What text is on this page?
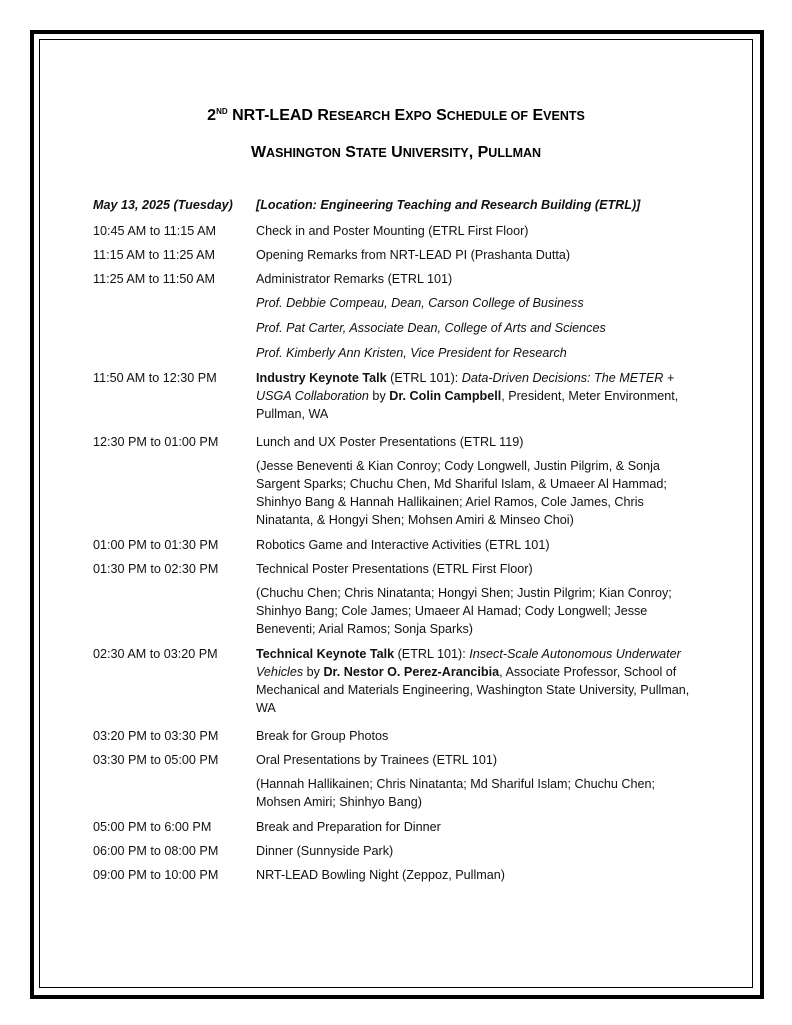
2ND NRT-LEAD RESEARCH EXPO SCHEDULE OF EVENTS
WASHINGTON STATE UNIVERSITY, PULLMAN
May 13, 2025 (Tuesday)	[Location: Engineering Teaching and Research Building (ETRL)]
10:45 AM to 11:15 AM	Check in and Poster Mounting (ETRL First Floor)
11:15 AM to 11:25 AM	Opening Remarks from NRT-LEAD PI (Prashanta Dutta)
11:25 AM to 11:50 AM	Administrator Remarks (ETRL 101)
Prof. Debbie Compeau, Dean, Carson College of Business
Prof. Pat Carter, Associate Dean, College of Arts and Sciences
Prof. Kimberly Ann Kristen, Vice President for Research
11:50 AM to 12:30 PM	Industry Keynote Talk (ETRL 101): Data-Driven Decisions: The METER + USGA Collaboration by Dr. Colin Campbell, President, Meter Environment, Pullman, WA
12:30 PM to 01:00 PM	Lunch and UX Poster Presentations (ETRL 119)
(Jesse Beneventi & Kian Conroy; Cody Longwell, Justin Pilgrim, & Sonja Sargent Sparks; Chuchu Chen, Md Shariful Islam, & Umaeer Al Hammad; Shinhyo Bang & Hannah Hallikainen; Ariel Ramos, Cole James, Chris Ninatanta, & Hongyi Shen; Mohsen Amiri & Minseo Choi)
01:00 PM to 01:30 PM	Robotics Game and Interactive Activities (ETRL 101)
01:30 PM to 02:30 PM	Technical Poster Presentations (ETRL First Floor)
(Chuchu Chen; Chris Ninatanta; Hongyi Shen; Justin Pilgrim; Kian Conroy; Shinhyo Bang; Cole James; Umaeer Al Hamad; Cody Longwell; Jesse Beneventi; Arial Ramos; Sonja Sparks)
02:30 AM to 03:20 PM	Technical Keynote Talk (ETRL 101): Insect-Scale Autonomous Underwater Vehicles by Dr. Nestor O. Perez-Arancibia, Associate Professor, School of Mechanical and Materials Engineering, Washington State University, Pullman, WA
03:20 PM to 03:30 PM	Break for Group Photos
03:30 PM to 05:00 PM	Oral Presentations by Trainees (ETRL 101)
(Hannah Hallikainen; Chris Ninatanta; Md Shariful Islam; Chuchu Chen; Mohsen Amiri; Shinhyo Bang)
05:00 PM to 6:00 PM	Break and Preparation for Dinner
06:00 PM to 08:00 PM	Dinner (Sunnyside Park)
09:00 PM to 10:00 PM	NRT-LEAD Bowling Night (Zeppoz, Pullman)
